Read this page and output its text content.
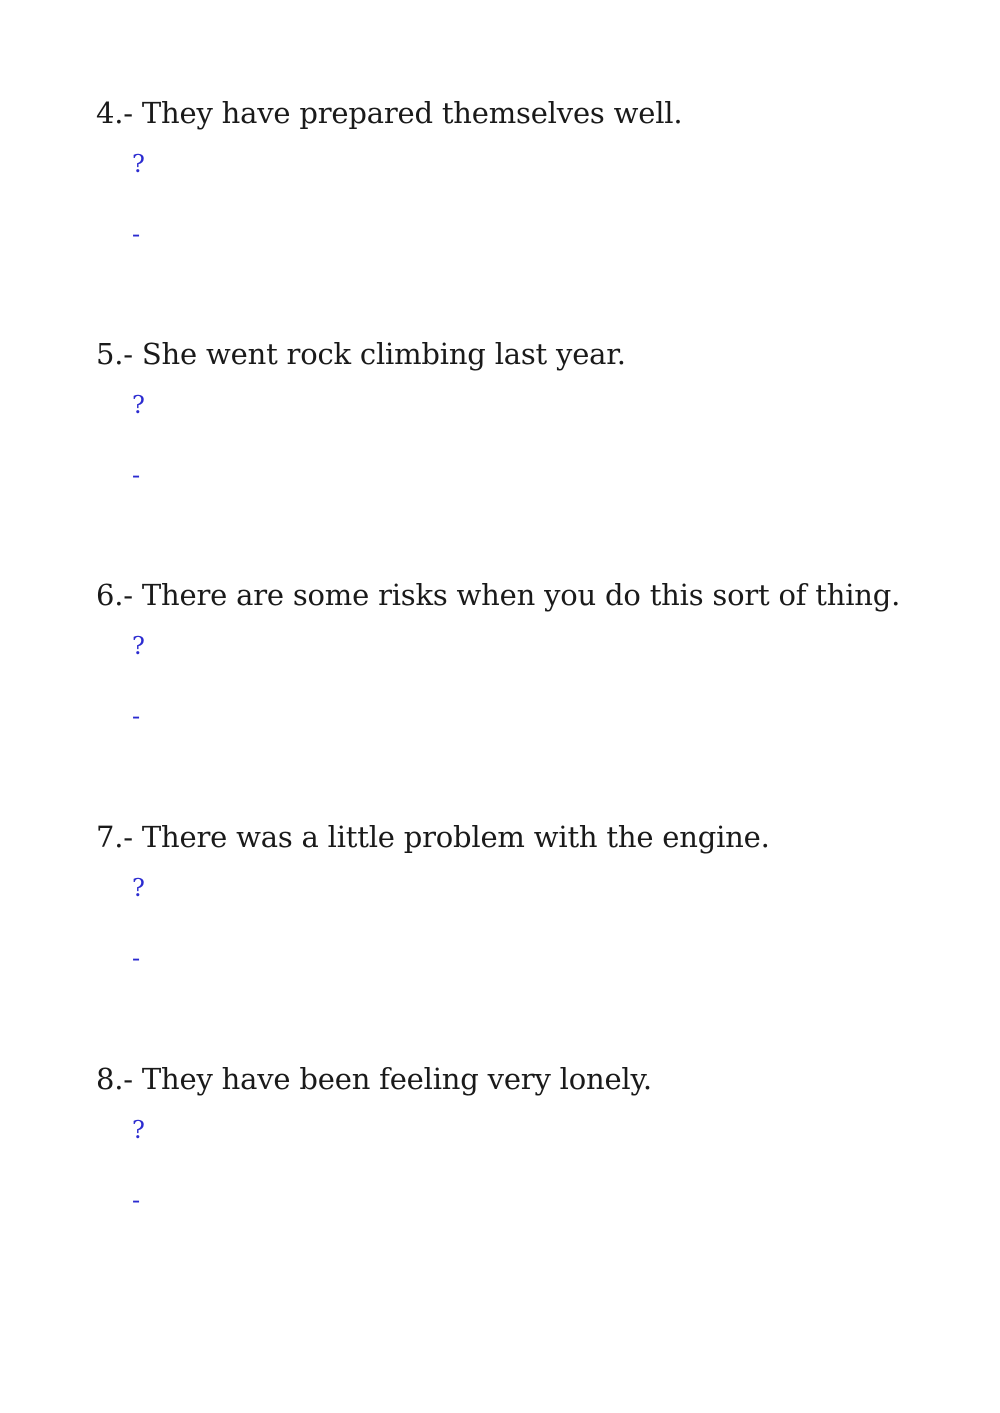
4.- They have prepared themselves well.
?
-
5.- She went rock climbing last year.
?
-
6.- There are some risks when you do this sort of thing.
?
-
7.- There was a little problem with the engine.
?
-
8.- They have been feeling very lonely.
?
-
